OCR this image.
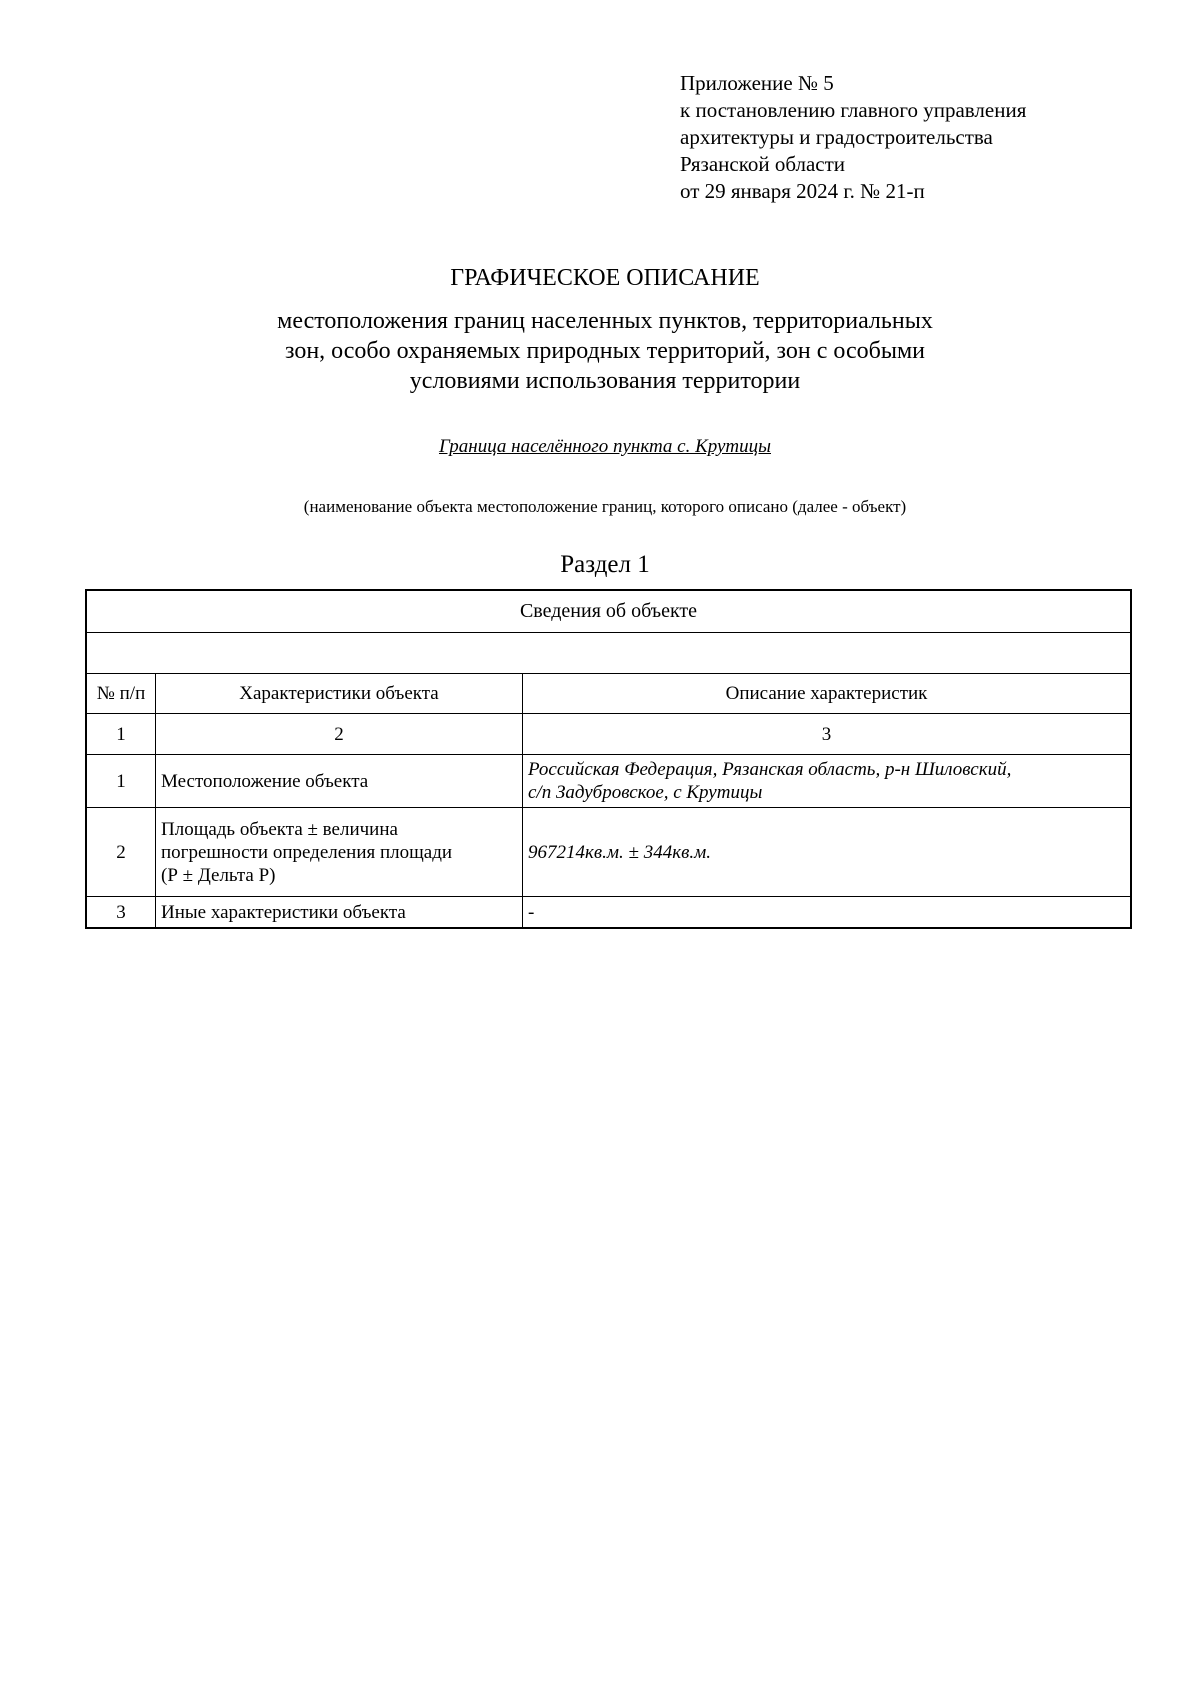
Приложение № 5
к постановлению главного управления
архитектуры и градостроительства
Рязанской области
от 29 января 2024 г. № 21-п
ГРАФИЧЕСКОЕ ОПИСАНИЕ
местоположения границ населенных пунктов, территориальных
зон, особо охраняемых природных территорий, зон с особыми
условиями использования территории
Граница населённого пункта с. Крутицы
(наименование объекта местоположение границ, которого описано (далее - объект)
Раздел 1
Сведения об объекте		

№ п/п	Характеристики объекта	Описание характеристик
1	2	3
1	Местоположение объекта	Российская Федерация, Рязанская область, р-н Шиловский,
с/п Задубровское, с Крутицы

2	Площадь объекта ± величина
погрешности определения площади
(Р ± Дельта Р)	967214кв.м. ± 344кв.м.
3	Иные характеристики объекта	-
